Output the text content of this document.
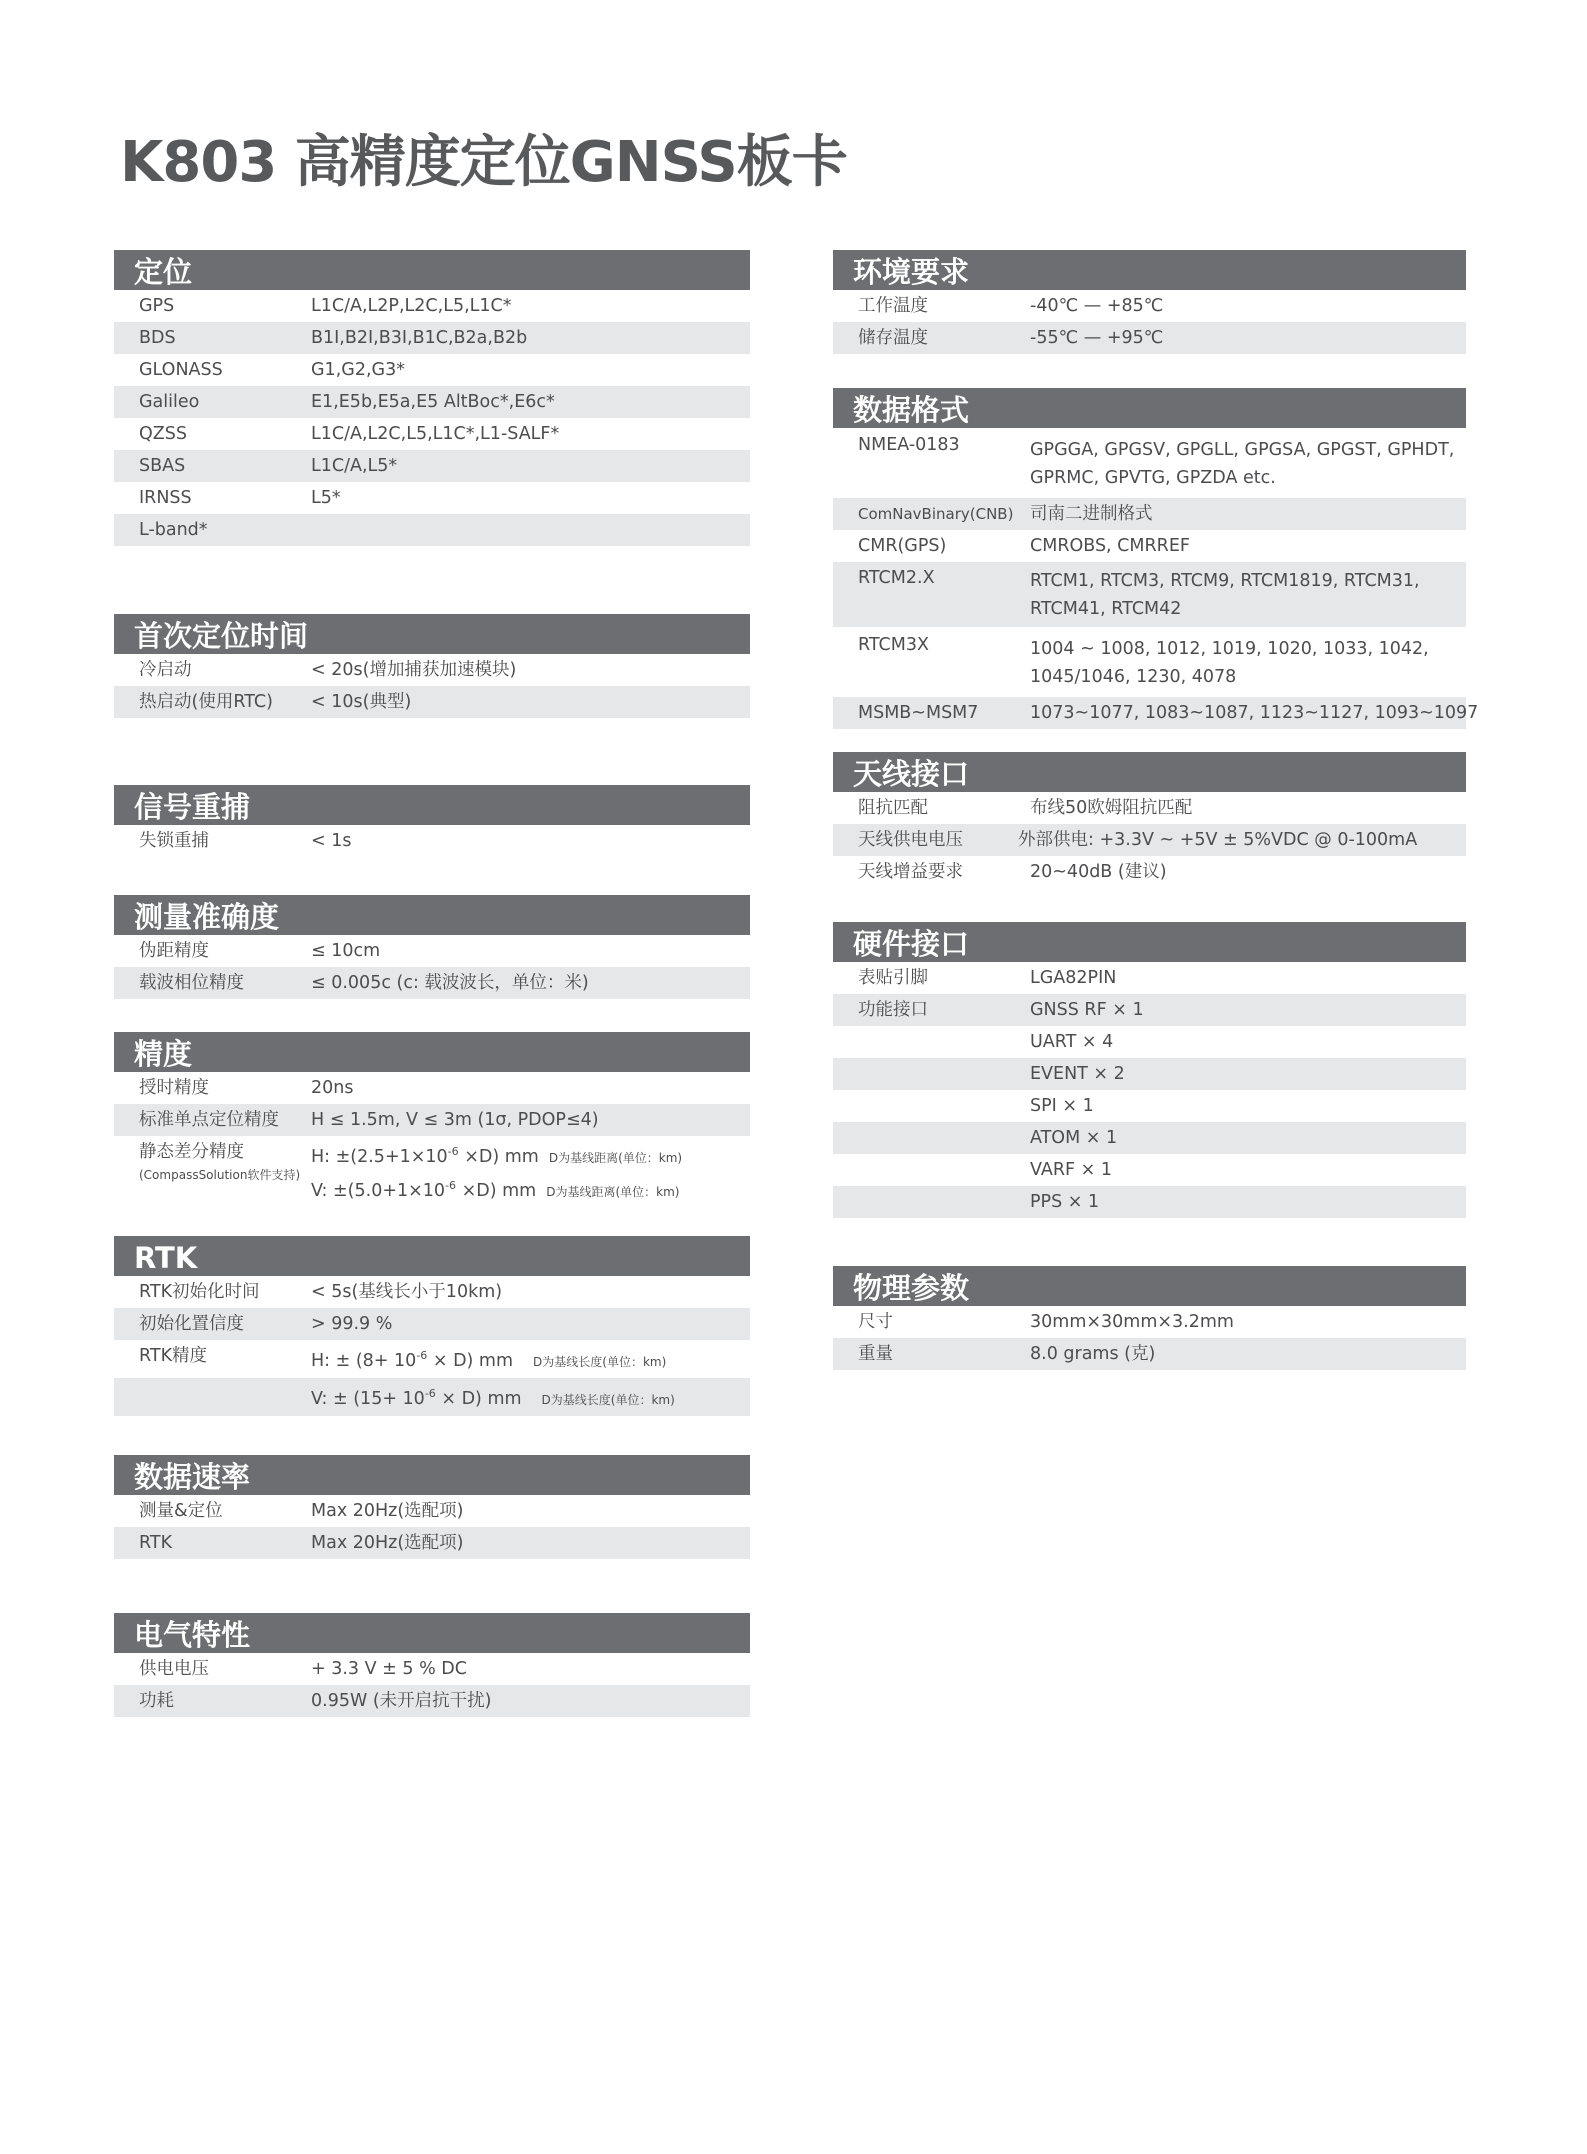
K803 高精度定位GNSS板卡
定位
GPS	L1C/A,L2P,L2C,L5,L1C*
BDS	B1I,B2I,B3I,B1C,B2a,B2b
GLONASS	G1,G2,G3*
Galileo	E1,E5b,E5a,E5 AltBoc*,E6c*
QZSS	L1C/A,L2C,L5,L1C*,L1-SALF*
SBAS	L1C/A,L5*
IRNSS	L5*
L-band*
首次定位时间
冷启动	< 20s(增加捕获加速模块)
热启动(使用RTC)	< 10s(典型)
信号重捕
失锁重捕	< 1s
测量准确度
伪距精度	≤ 10cm
载波相位精度	≤ 0.005c (c: 载波波长，单位：米)
精度
授时精度	20ns
标准单点定位精度	H ≤ 1.5m, V ≤ 3m (1σ, PDOP≤4)
静态差分精度
(CompassSolution软件支持)
H: $\pm(2.5+1\times 10^{-6} \times D)$ mm D为基线距离(单位：km)
V: $\pm(5.0+1\times 10^{-6} \times D)$ mm D为基线距离(单位：km)
RTK
RTK初始化时间	< 5s(基线长小于10km)
初始化置信度	> 99.9 %
RTK精度	H: ± $(8+ 10^{-6} \times D)$ mm D为基线长度(单位：km)
V: ± $(15+ 10^{-6} \times D)$ mm D为基线长度(单位：km)
数据速率
测量&定位	Max 20Hz(选配项)
RTK	Max 20Hz(选配项)
电气特性
供电电压	+ 3.3 V ± 5 % DC
功耗	0.95W (未开启抗干扰)
环境要求
工作温度	-40℃ — +85℃
储存温度	-55℃ — +95℃
数据格式
NMEA-0183	GPGGA, GPGSV, GPGLL, GPGSA, GPGST, GPHDT,
GPRMC, GPVTG, GPZDA etc.
ComNavBinary(CNB) 司南二进制格式
CMR(GPS)	CMROBS, CMRREF
RTCM2.X	RTCM1, RTCM3, RTCM9, RTCM1819, RTCM31,
RTCM41, RTCM42
RTCM3X	1004 ~ 1008, 1012, 1019, 1020, 1033, 1042,
1045/1046, 1230, 4078
MSMB~MSM7	1073~1077, 1083~1087, 1123~1127, 1093~1097
天线接口
阻抗匹配	布线50欧姆阻抗匹配
天线供电电压	外部供电: +3.3V ~ +5V ± 5%VDC @ 0-100mA
天线增益要求	20~40dB (建议)
硬件接口
表贴引脚	LGA82PIN
功能接口	GNSS RF × 1
UART × 4
EVENT × 2
SPI × 1
ATOM × 1
VARF × 1
PPS × 1
物理参数
尺寸	30mm×30mm×3.2mm
重量	8.0 grams (克)
